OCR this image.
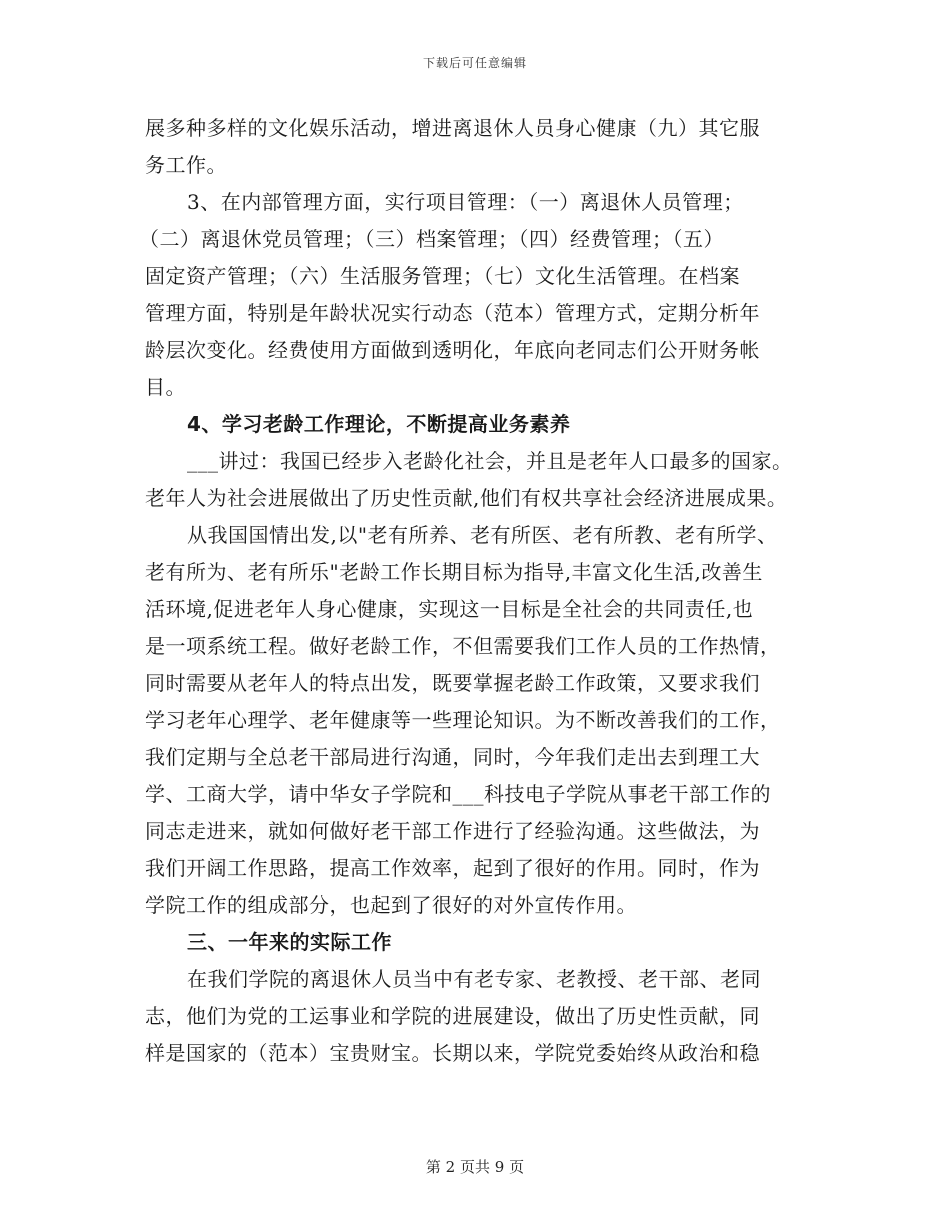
下载后可任意编辑
展多种多样的文化娱乐活动，增进离退休人员身心健康（九）其它服
务工作。
3、在内部管理方面，实行项目管理：（一）离退休人员管理；
（二）离退休党员管理；（三）档案管理；（四）经费管理；（五）
固定资产管理；（六）生活服务管理；（七）文化生活管理。在档案
管理方面，特别是年龄状况实行动态（范本）管理方式，定期分析年
龄层次变化。经费使用方面做到透明化，年底向老同志们公开财务帐
目。
4、学习老龄工作理论，不断提高业务素养
___讲过：我国已经步入老龄化社会，并且是老年人口最多的国家。
老年人为社会进展做出了历史性贡献,他们有权共享社会经济进展成果。
从我国国情出发,以"老有所养、老有所医、老有所教、老有所学、
老有所为、老有所乐"老龄工作长期目标为指导,丰富文化生活,改善生
活环境,促进老年人身心健康，实现这一目标是全社会的共同责任,也
是一项系统工程。做好老龄工作，不但需要我们工作人员的工作热情，
同时需要从老年人的特点出发，既要掌握老龄工作政策，又要求我们
学习老年心理学、老年健康等一些理论知识。为不断改善我们的工作，
我们定期与全总老干部局进行沟通，同时，今年我们走出去到理工大
学、工商大学，请中华女子学院和___科技电子学院从事老干部工作的
同志走进来，就如何做好老干部工作进行了经验沟通。这些做法，为
我们开阔工作思路，提高工作效率，起到了很好的作用。同时，作为
学院工作的组成部分，也起到了很好的对外宣传作用。
三、一年来的实际工作
在我们学院的离退休人员当中有老专家、老教授、老干部、老同
志，他们为党的工运事业和学院的进展建设，做出了历史性贡献，同
样是国家的（范本）宝贵财宝。长期以来，学院党委始终从政治和稳
第 2 页共 9 页
